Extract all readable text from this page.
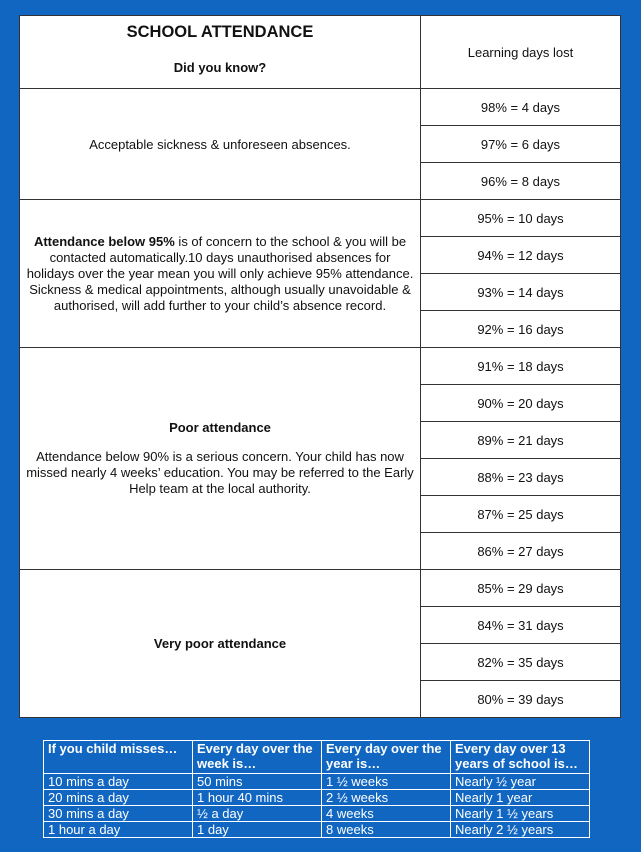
SCHOOL ATTENDANCE
Did you know?	Learning days lost
Acceptable sickness & unforeseen absences.	98% = 4 days
	97% = 6 days
	96% = 8 days

Attendance below 95% is of concern to the school & you will be contacted automatically.10 days unauthorised absences for holidays over the year mean you will only achieve 95% attendance. Sickness & medical appointments, although usually unavoidable & authorised, will add further to your child’s absence record.	95% = 10 days
	94% = 12 days
	93% = 14 days
	92% = 16 days

Poor attendance
Attendance below 90% is a serious concern. Your child has now missed nearly 4 weeks’ education. You may be referred to the Early Help team at the local authority.	91% = 18 days
	90% = 20 days
	89% = 21 days
	88% = 23 days
	87% = 25 days
	86% = 27 days
Very poor attendance	85% = 29 days
	84% = 31 days
	82% = 35 days
	80% = 39 days
If you child misses…	Every day over the week is…	Every day over the year is…	Every day over 13 years of school is…
10 mins a day	50 mins	1 ½ weeks	Nearly ½ year
20 mins a day	1 hour 40 mins	2 ½ weeks	Nearly 1 year
30 mins a day	½ a day	4 weeks	Nearly 1 ½ years
1 hour a day	1 day	8 weeks	Nearly 2 ½ years
